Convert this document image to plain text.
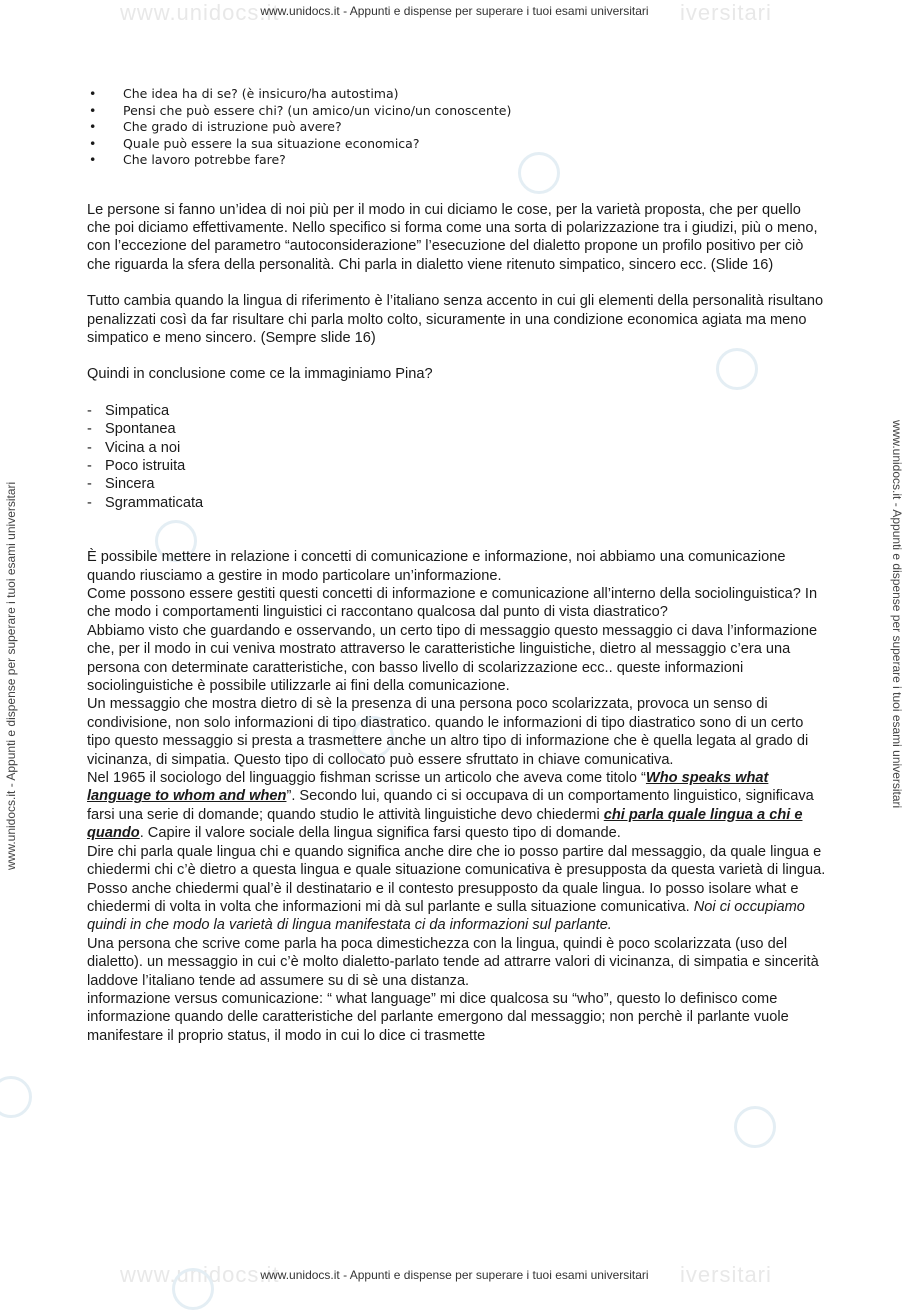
www.unidocs.it	iversitari
www.unidocs.it	iversitari
www.unidocs.it - Appunti e dispense per superare i tuoi esami universitari
www.unidocs.it - Appunti e dispense per superare i tuoi esami universitari
www.unidocs.it - Appunti e dispense per superare i tuoi esami universitari	www.unidocs.it - Appunti e dispense per superare i tuoi esami universitari
• Che idea ha di se? (è insicuro/ha autostima)
• Pensi che può essere chi? (un amico/un vicino/un conoscente)
• Che grado di istruzione può avere?
• Quale può essere la sua situazione economica?
• Che lavoro potrebbe fare?

Le persone si fanno un’idea di noi più per il modo in cui diciamo le cose, per la varietà proposta, che per quello che poi diciamo effettivamente. Nello specifico si forma come una sorta di polarizzazione tra i giudizi, più o meno, con l’eccezione del parametro “autoconsiderazione” l’esecuzione del dialetto propone un profilo positivo per ciò che riguarda la sfera della personalità. Chi parla in dialetto viene ritenuto simpatico, sincero ecc. (Slide 16)

Tutto cambia quando la lingua di riferimento è l’italiano senza accento in cui gli elementi della personalità risultano penalizzati così da far risultare chi parla molto colto, sicuramente in una condizione economica agiata ma meno simpatico e meno sincero. (Sempre slide 16)

Quindi in conclusione come ce la immaginiamo Pina?

- Simpatica
- Spontanea
- Vicina a noi
- Poco istruita
- Sincera
- Sgrammaticata

È possibile mettere in relazione i concetti di comunicazione e informazione, noi abbiamo una comunicazione quando riusciamo a gestire in modo particolare un’informazione.

Come possono essere gestiti questi concetti di informazione e comunicazione all’interno della sociolinguistica? In che modo i comportamenti linguistici ci raccontano qualcosa dal punto di vista diastratico?

Abbiamo visto che guardando e osservando, un certo tipo di messaggio questo messaggio ci dava l’informazione che, per il modo in cui veniva mostrato attraverso le caratteristiche linguistiche, dietro al messaggio c’era una persona con determinate caratteristiche, con basso livello di scolarizzazione ecc.. queste informazioni sociolinguistiche è possibile utilizzarle ai fini della comunicazione.

Un messaggio che mostra dietro di sè la presenza di una persona poco scolarizzata, provoca un senso di condivisione, non solo informazioni di tipo diastratico. quando le informazioni di tipo diastratico sono di un certo tipo questo messaggio si presta a trasmettere anche un altro tipo di informazione che è quella legata al grado di vicinanza, di simpatia. Questo tipo di collocato può essere sfruttato in chiave comunicativa.

Nel 1965 il sociologo del linguaggio fishman scrisse un articolo che aveva come titolo “Who speaks what language to whom and when”. Secondo lui, quando ci si occupava di un comportamento linguistico, significava farsi una serie di domande; quando studio le attività linguistiche devo chiedermi chi parla quale lingua a chi e quando. Capire il valore sociale della lingua significa farsi questo tipo di domande.

Dire chi parla quale lingua chi e quando significa anche dire che io posso partire dal messaggio, da quale lingua e chiedermi chi c’è dietro a questa lingua e quale situazione comunicativa è presupposta da questa varietà di lingua. Posso anche chiedermi qual’è il destinatario e il contesto presupposto da quale lingua. Io posso isolare what e chiedermi di volta in volta che informazioni mi dà sul parlante e sulla situazione comunicativa. Noi ci occupiamo quindi in che modo la varietà di lingua manifestata ci da informazioni sul parlante.

Una persona che scrive come parla ha poca dimestichezza con la lingua, quindi è poco scolarizzata (uso del dialetto). un messaggio in cui c’è molto dialetto-parlato tende ad attrarre valori di vicinanza, di simpatia e sincerità laddove l’italiano tende ad assumere su di sè una distanza.

informazione versus comunicazione: “ what language” mi dice qualcosa su “who”, questo lo definisco come informazione quando delle caratteristiche del parlante emergono dal messaggio; non perchè il parlante vuole manifestare il proprio status, il modo in cui lo dice ci trasmette
